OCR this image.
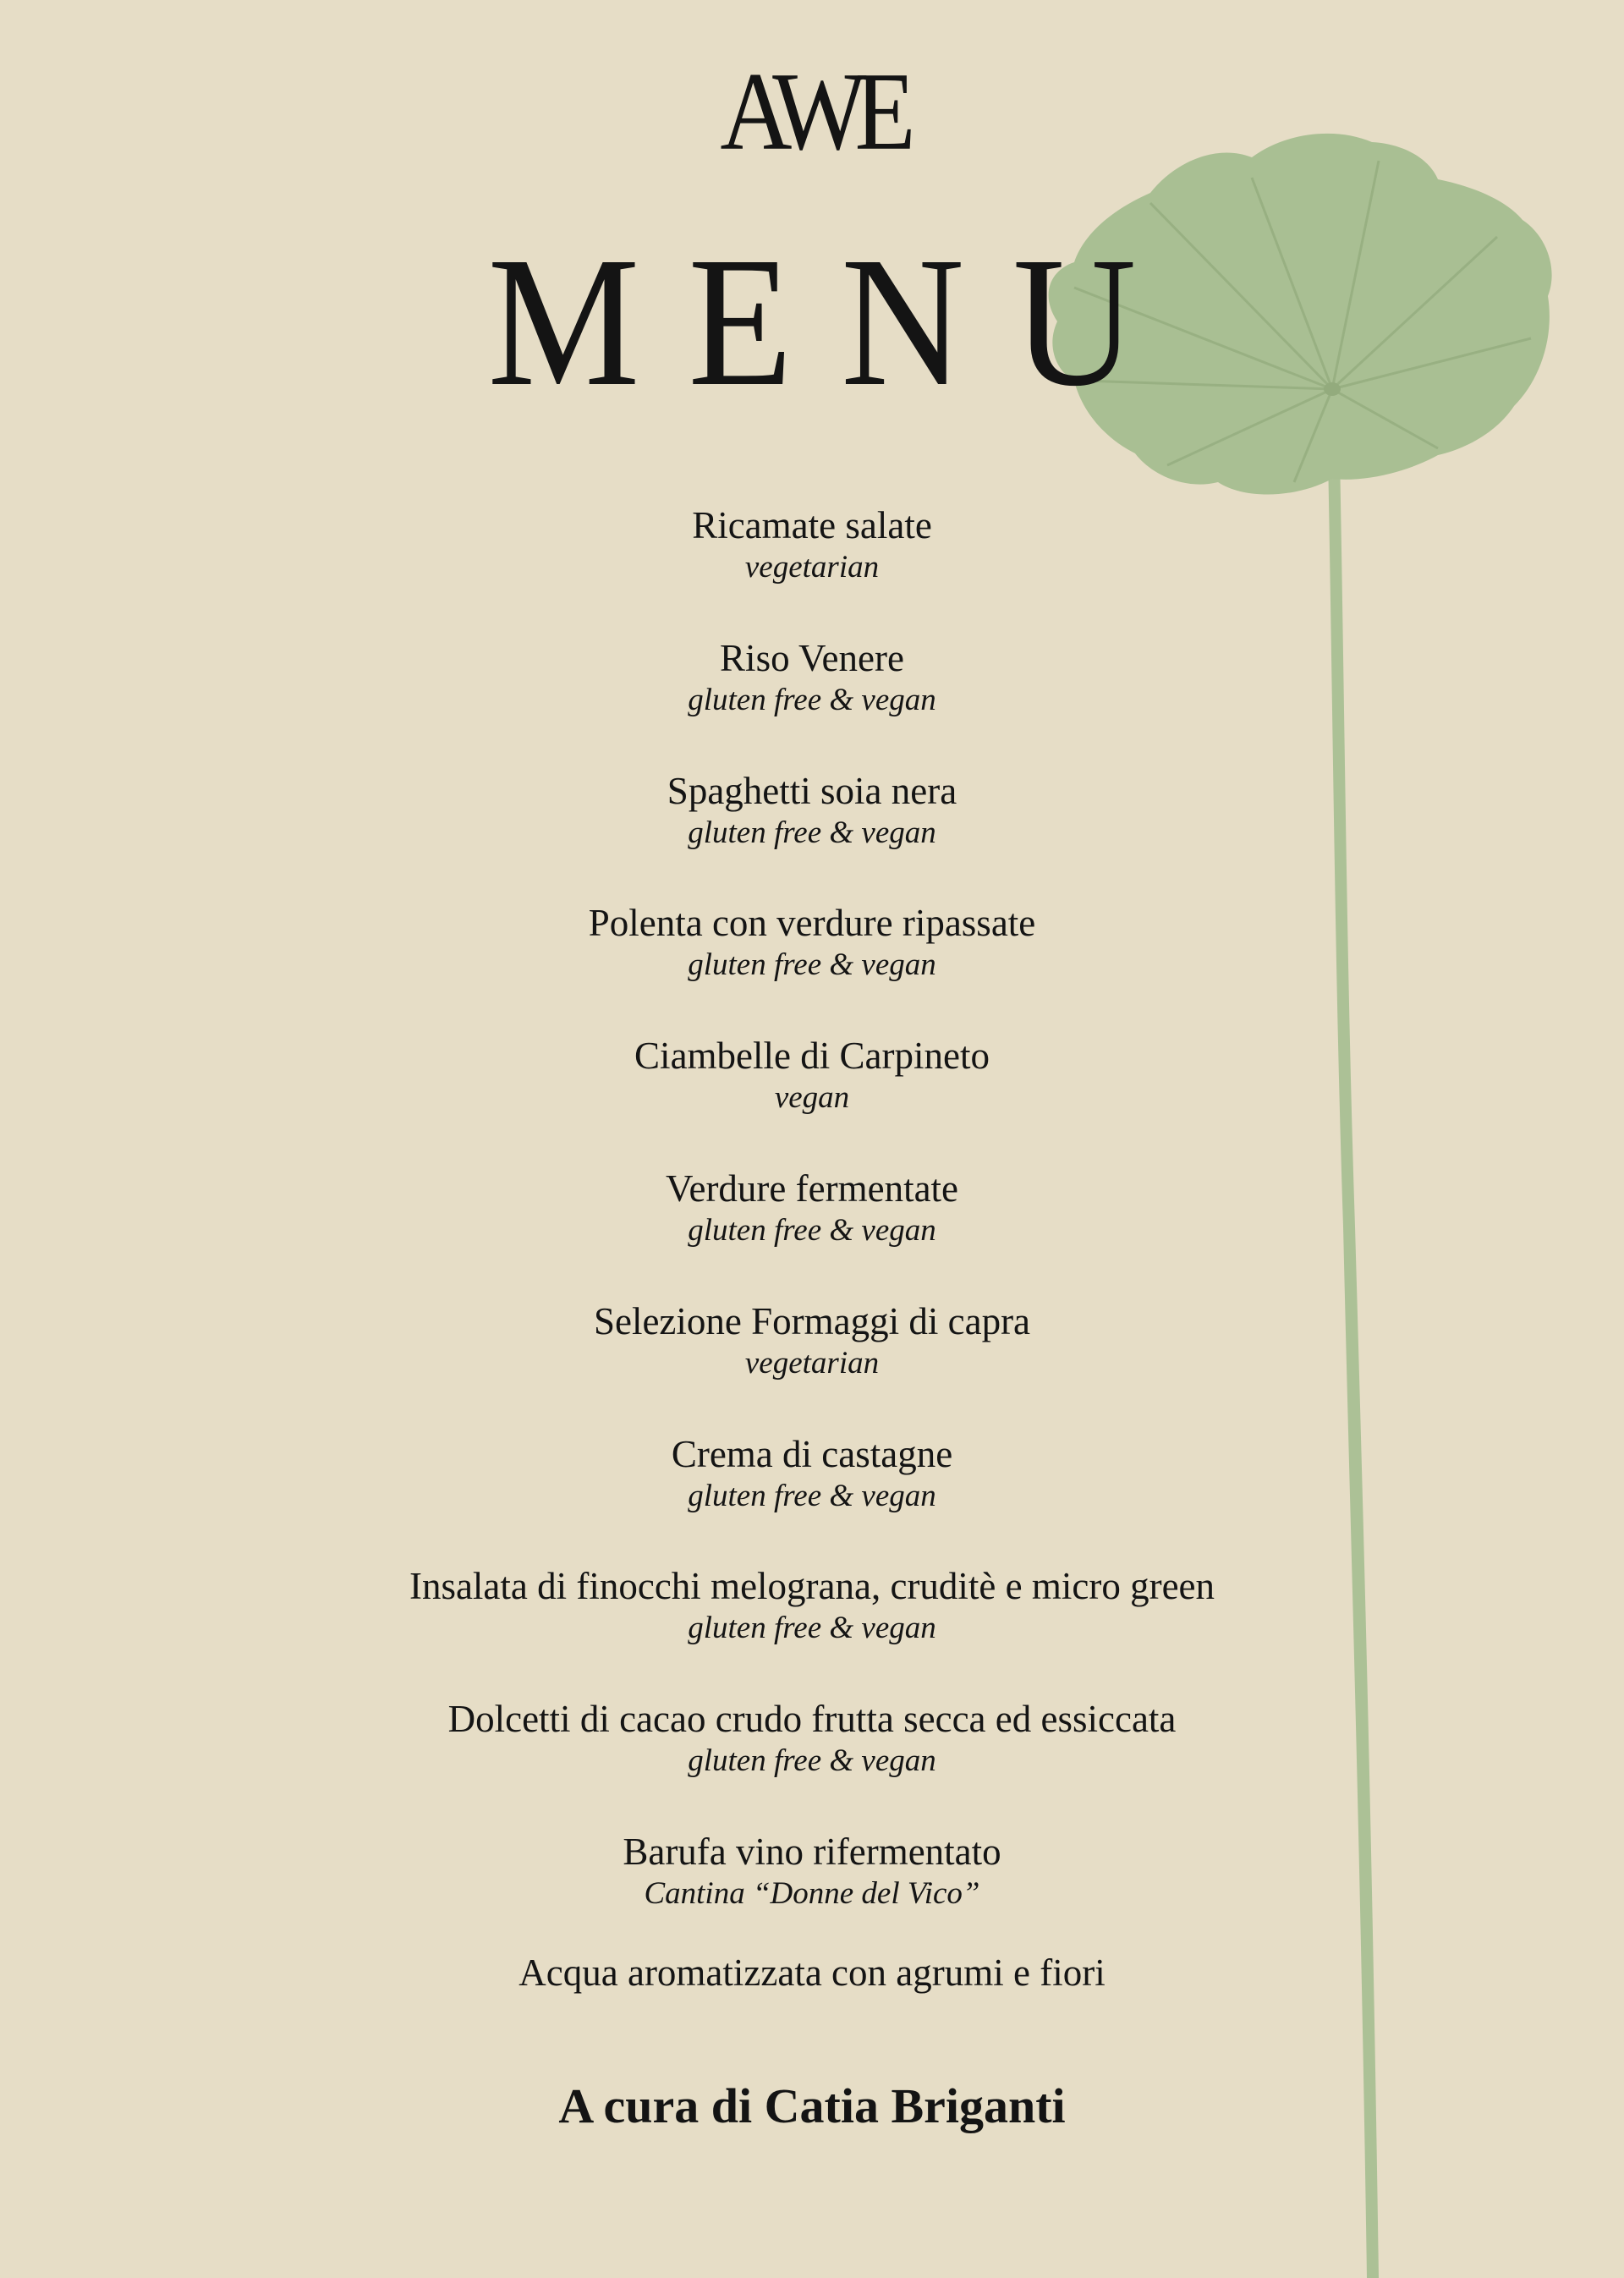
AWE
MENU
Ricamate salate
vegetarian
Riso Venere
gluten free & vegan
Spaghetti soia nera
gluten free & vegan
Polenta con verdure ripassate
gluten free & vegan
Ciambelle di Carpineto
vegan
Verdure fermentate
gluten free & vegan
Selezione Formaggi di capra
vegetarian
Crema di castagne
gluten free & vegan
Insalata di finocchi melograna, cruditè e micro green
gluten free & vegan
Dolcetti di cacao crudo frutta secca ed essiccata
gluten free & vegan
Barufa vino rifermentato
Cantina “Donne del Vico”
Acqua aromatizzata con agrumi e fiori
A cura di Catia Briganti
